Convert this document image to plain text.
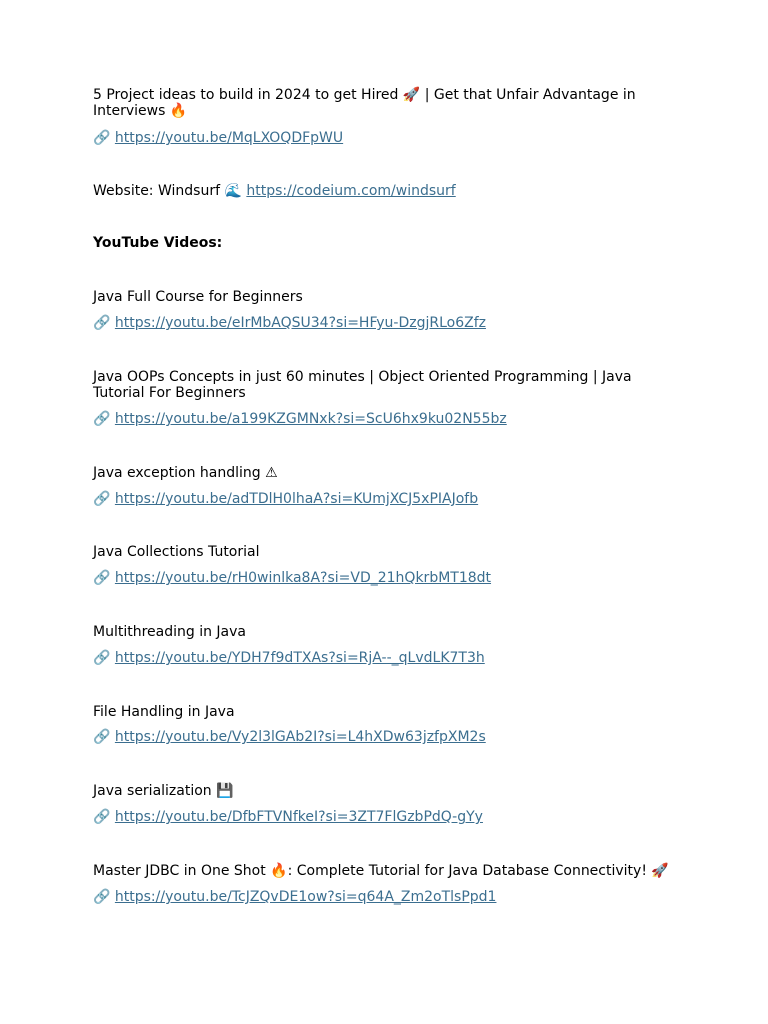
5 Project ideas to build in 2024 to get Hired 🚀 | Get that Unfair Advantage in Interviews 🔥
🔗 https://youtu.be/MqLXOQDFpWU
Website: Windsurf 🌊 https://codeium.com/windsurf
YouTube Videos:
Java Full Course for Beginners
🔗 https://youtu.be/eIrMbAQSU34?si=HFyu-DzgjRLo6Zfz
Java OOPs Concepts in just 60 minutes | Object Oriented Programming | Java Tutorial For Beginners
🔗 https://youtu.be/a199KZGMNxk?si=ScU6hx9ku02N55bz
Java exception handling ⚠
🔗 https://youtu.be/adTDlH0lhaA?si=KUmjXCJ5xPIAJofb
Java Collections Tutorial
🔗 https://youtu.be/rH0winlka8A?si=VD_21hQkrbMT18dt
Multithreading in Java
🔗 https://youtu.be/YDH7f9dTXAs?si=RjA--_qLvdLK7T3h
File Handling in Java
🔗 https://youtu.be/Vy2l3lGAb2I?si=L4hXDw63jzfpXM2s
Java serialization 💾
🔗 https://youtu.be/DfbFTVNfkeI?si=3ZT7FlGzbPdQ-gYy
Master JDBC in One Shot 🔥: Complete Tutorial for Java Database Connectivity! 🚀
🔗 https://youtu.be/TcJZQvDE1ow?si=q64A_Zm2oTlsPpd1
